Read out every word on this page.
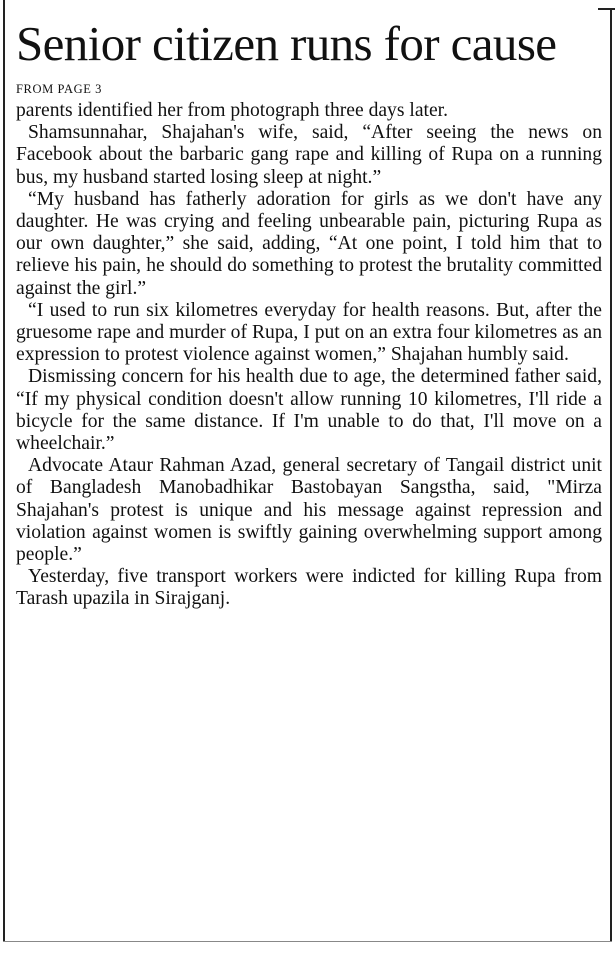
Senior citizen runs for cause
FROM PAGE 3

parents identified her from photograph three days later.

Shamsunnahar, Shajahan's wife, said, “After seeing the news on Facebook about the barbaric gang rape and killing of Rupa on a running bus, my husband started losing sleep at night.”

“My husband has fatherly adoration for girls as we don't have any daughter. He was crying and feeling unbearable pain, picturing Rupa as our own daughter,” she said, adding, “At one point, I told him that to relieve his pain, he should do something to protest the brutality committed against the girl.”

“I used to run six kilometres everyday for health reasons. But, after the gruesome rape and murder of Rupa, I put on an extra four kilometres as an expression to protest violence against women,” Shajahan humbly said.

Dismissing concern for his health due to age, the determined father said, “If my physical condition doesn't allow running 10 kilometres, I'll ride a bicycle for the same distance. If I'm unable to do that, I'll move on a wheelchair.”

Advocate Ataur Rahman Azad, general secretary of Tangail district unit of Bangladesh Manobadhikar Bastobayan Sangstha, said, "Mirza Shajahan's protest is unique and his message against repression and violation against women is swiftly gaining overwhelming support among people.”

Yesterday, five transport workers were indicted for killing Rupa from Tarash upazila in Sirajganj.
